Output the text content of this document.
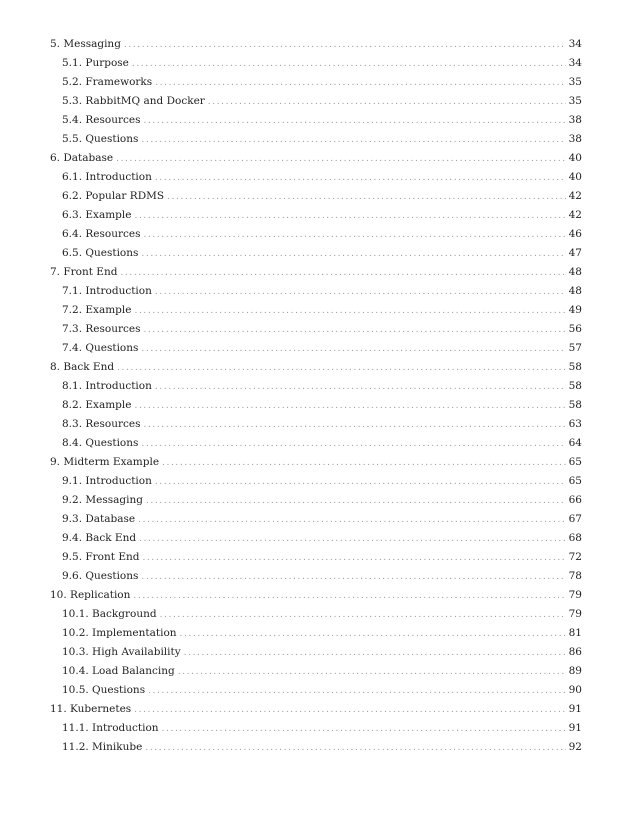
5. Messaging .....	34
5.1. Purpose .....	34
5.2. Frameworks .....	35
5.3. RabbitMQ and Docker .....	35
5.4. Resources .....	38
5.5. Questions .....	38
6. Database .....	40
6.1. Introduction .....	40
6.2. Popular RDMS .....	42
6.3. Example .....	42
6.4. Resources .....	46
6.5. Questions .....	47
7. Front End .....	48
7.1. Introduction .....	48
7.2. Example .....	49
7.3. Resources .....	56
7.4. Questions .....	57
8. Back End .....	58
8.1. Introduction .....	58
8.2. Example .....	58
8.3. Resources .....	63
8.4. Questions .....	64
9. Midterm Example .....	65
9.1. Introduction .....	65
9.2. Messaging .....	66
9.3. Database .....	67
9.4. Back End .....	68
9.5. Front End .....	72
9.6. Questions .....	78
10. Replication .....	79
10.1. Background .....	79
10.2. Implementation .....	81
10.3. High Availability .....	86
10.4. Load Balancing .....	89
10.5. Questions .....	90
11. Kubernetes .....	91
11.1. Introduction .....	91
11.2. Minikube .....	92
